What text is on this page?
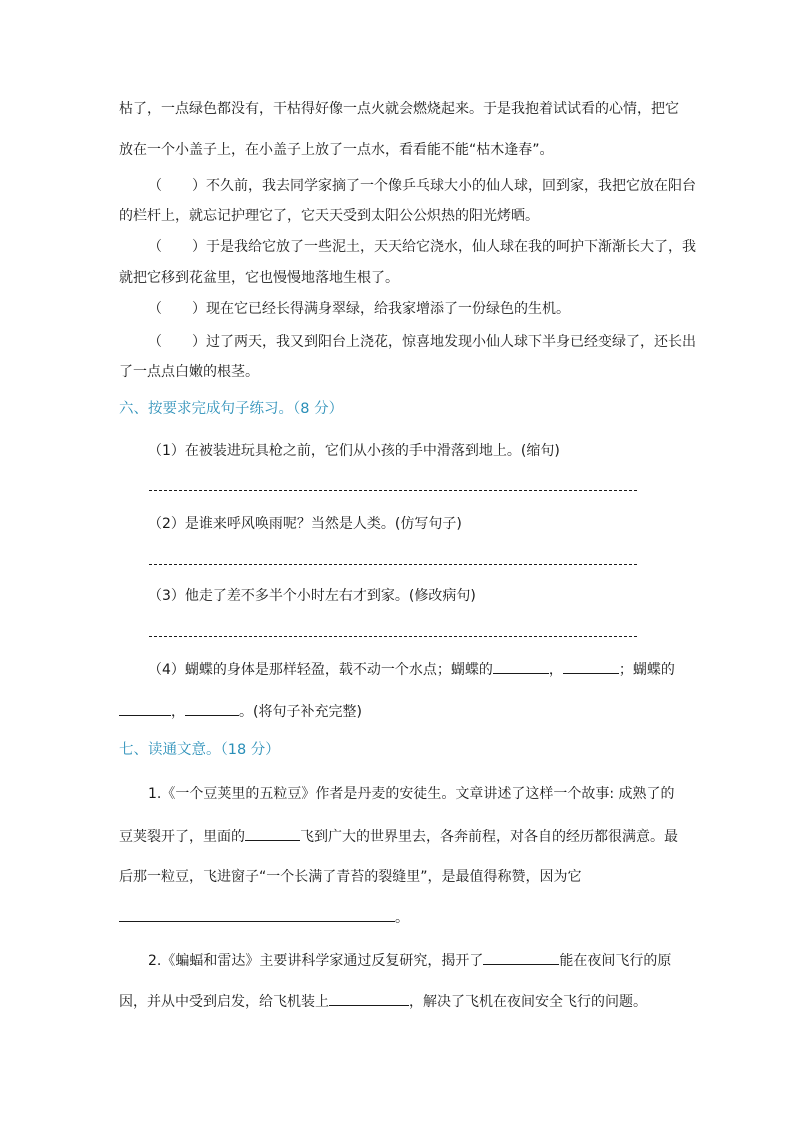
枯了，一点绿色都没有，干枯得好像一点火就会燃烧起来。于是我抱着试试看的心情，把它
放在一个小盖子上，在小盖子上放了一点水，看看能不能“枯木逢春”。
（ ）不久前，我去同学家摘了一个像乒乓球大小的仙人球，回到家，我把它放在阳台
的栏杆上，就忘记护理它了，它天天受到太阳公公炽热的阳光烤晒。
（ ）于是我给它放了一些泥土，天天给它浇水，仙人球在我的呵护下渐渐长大了，我
就把它移到花盆里，它也慢慢地落地生根了。
（ ）现在它已经长得满身翠绿，给我家增添了一份绿色的生机。
（ ）过了两天，我又到阳台上浇花，惊喜地发现小仙人球下半身已经变绿了，还长出
了一点点白嫩的根茎。
六、按要求完成句子练习。（8 分）
（1）在被装进玩具枪之前，它们从小孩的手中滑落到地上。(缩句)
（2）是谁来呼风唤雨呢？当然是人类。(仿写句子)
（3）他走了差不多半个小时左右才到家。(修改病句)
（4）蝴蝶的身体是那样轻盈，载不动一个水点；蝴蝶的	，	；蝴蝶的
，	。(将句子补充完整)
七、读通文意。（18 分）
1.《一个豆荚里的五粒豆》作者是丹麦的安徒生。文章讲述了这样一个故事: 成熟了的
豆荚裂开了，里面的	飞到广大的世界里去，各奔前程，对各自的经历都很满意。最
后那一粒豆，飞进窗子“一个长满了青苔的裂缝里”，是最值得称赞，因为它
。
2.《蝙蝠和雷达》主要讲科学家通过反复研究，揭开了	能在夜间飞行的原
因，并从中受到启发，给飞机装上	，解决了飞机在夜间安全飞行的问题。
